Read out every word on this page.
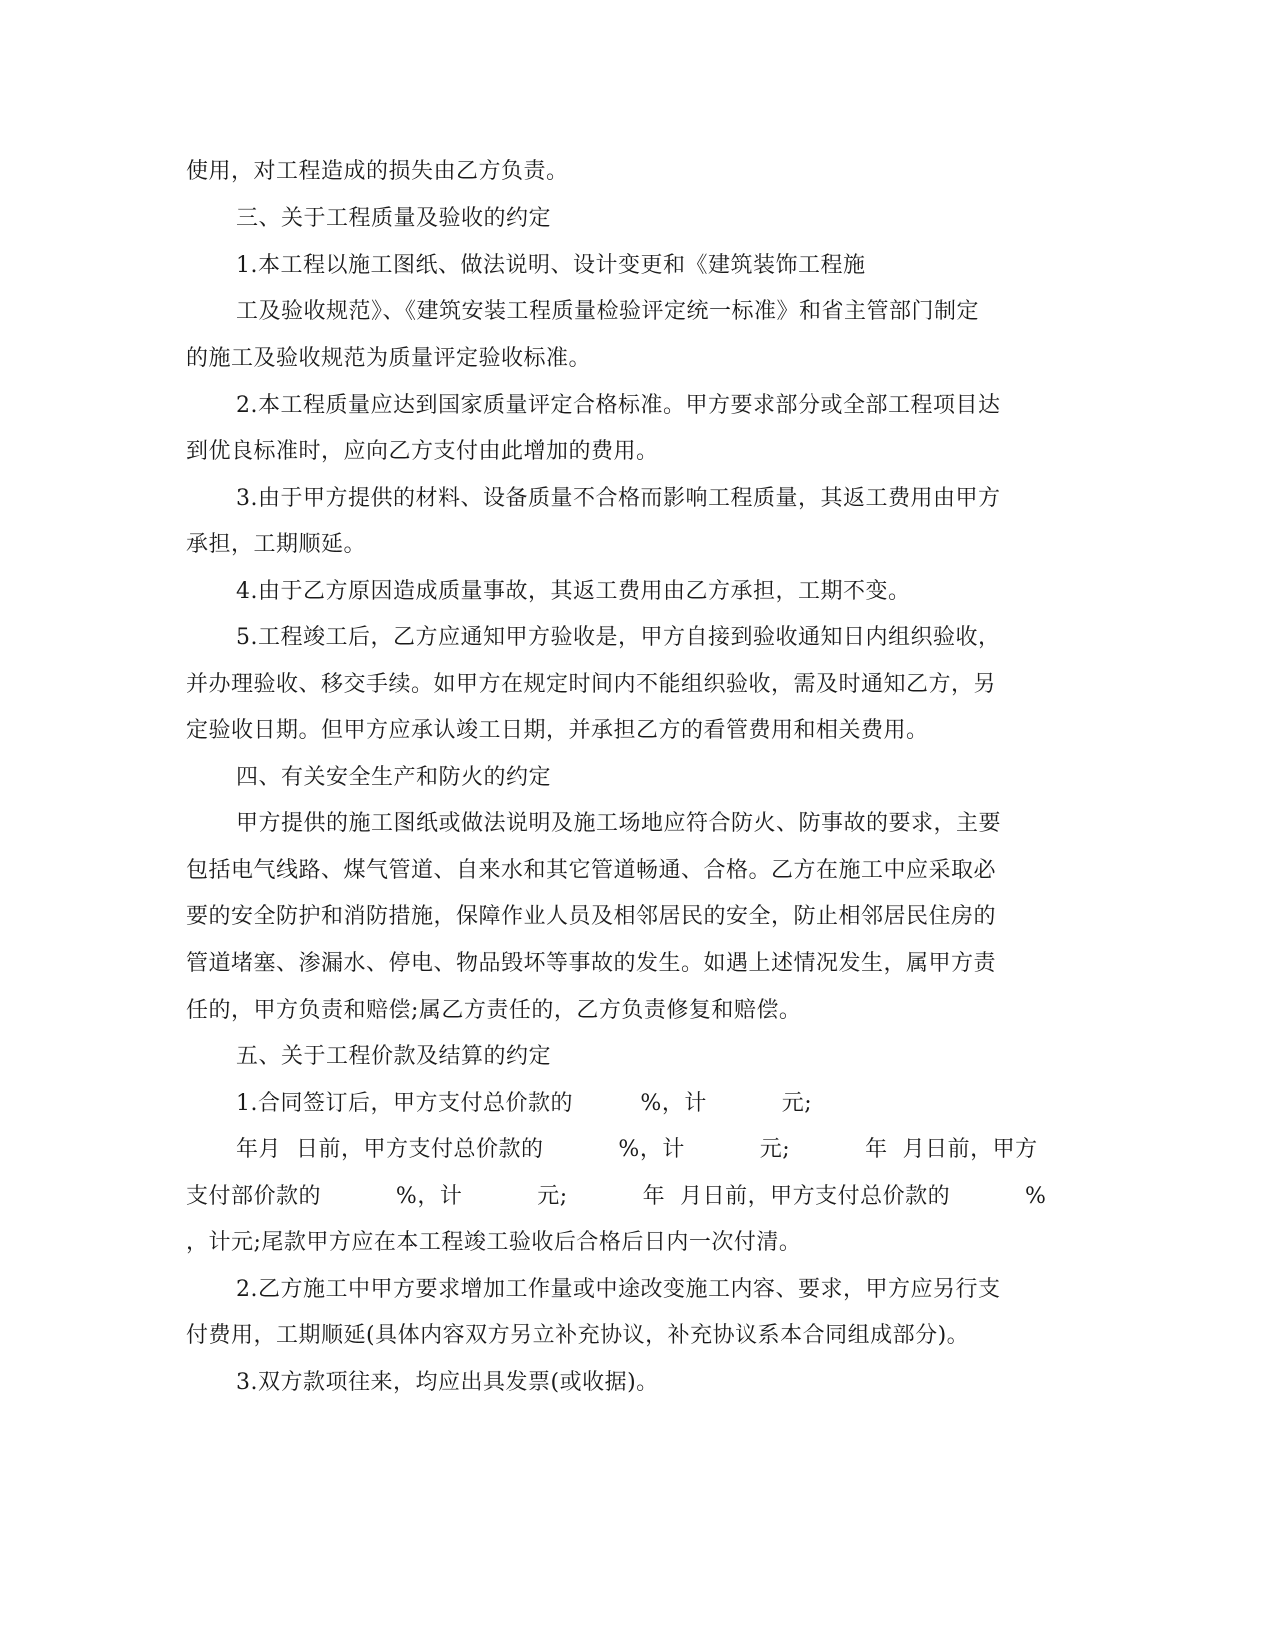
使用，对工程造成的损失由乙方负责。
三、关于工程质量及验收的约定
1.本工程以施工图纸、做法说明、设计变更和《建筑装饰工程施
工及验收规范》、《建筑安装工程质量检验评定统一标准》和省主管部门制定
的施工及验收规范为质量评定验收标准。
2.本工程质量应达到国家质量评定合格标准。甲方要求部分或全部工程项目达
到优良标准时，应向乙方支付由此增加的费用。
3.由于甲方提供的材料、设备质量不合格而影响工程质量，其返工费用由甲方
承担，工期顺延。
4.由于乙方原因造成质量事故，其返工费用由乙方承担，工期不变。
5.工程竣工后，乙方应通知甲方验收是，甲方自接到验收通知日内组织验收，
并办理验收、移交手续。如甲方在规定时间内不能组织验收，需及时通知乙方，另
定验收日期。但甲方应承认竣工日期，并承担乙方的看管费用和相关费用。
四、有关安全生产和防火的约定
甲方提供的施工图纸或做法说明及施工场地应符合防火、防事故的要求，主要
包括电气线路、煤气管道、自来水和其它管道畅通、合格。乙方在施工中应采取必
要的安全防护和消防措施，保障作业人员及相邻居民的安全，防止相邻居民住房的
管道堵塞、渗漏水、停电、物品毁坏等事故的发生。如遇上述情况发生，属甲方责
任的，甲方负责和赔偿;属乙方责任的，乙方负责修复和赔偿。
五、关于工程价款及结算的约定
1.合同签订后，甲方支付总价款的         %，计          元;
年月  日前，甲方支付总价款的          %，计          元;          年  月日前，甲方
支付部价款的          %，计          元;          年  月日前，甲方支付总价款的          %
，计元;尾款甲方应在本工程竣工验收后合格后日内一次付清。
2.乙方施工中甲方要求增加工作量或中途改变施工内容、要求，甲方应另行支
付费用，工期顺延(具体内容双方另立补充协议，补充协议系本合同组成部分)。
3.双方款项往来，均应出具发票(或收据)。
